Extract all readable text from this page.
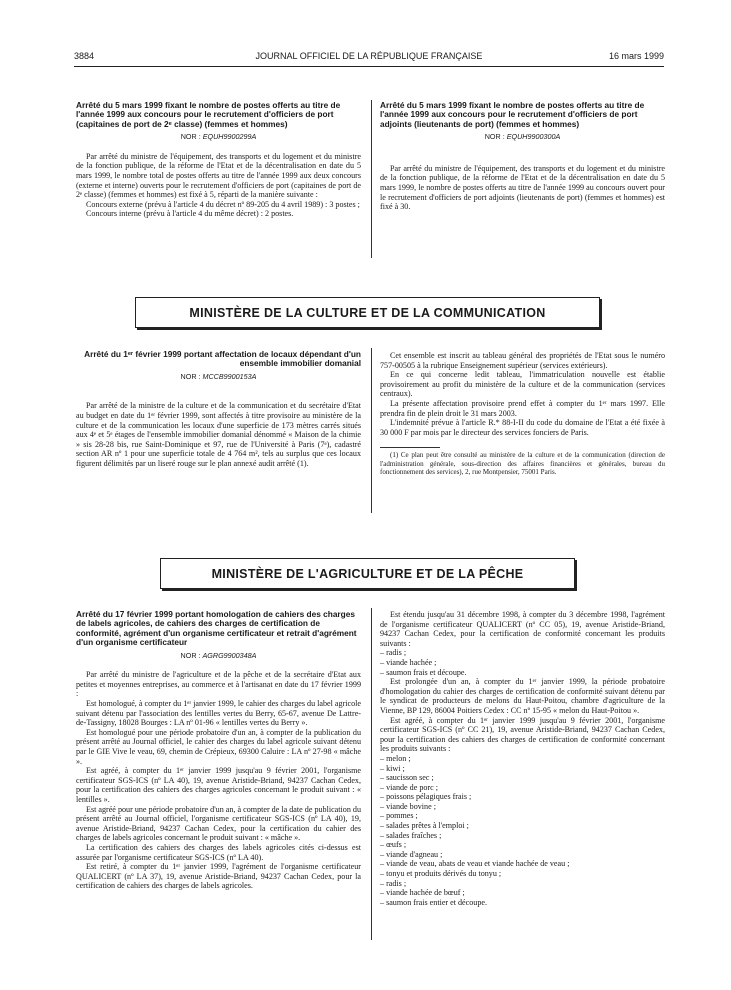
3884	JOURNAL OFFICIEL DE LA RÉPUBLIQUE FRANÇAISE	16 mars 1999
Arrêté du 5 mars 1999 fixant le nombre de postes offerts au titre de l'année 1999 aux concours pour le recrutement d'officiers de port (capitaines de port de 2ᵉ classe) (femmes et hommes)
NOR : EQUH9900299A

Par arrêté du ministre de l'équipement, des transports et du logement et du ministre de la fonction publique, de la réforme de l'Etat et de la décentralisation en date du 5 mars 1999, le nombre total de postes offerts au titre de l'année 1999 aux deux concours (externe et interne) ouverts pour le recrutement d'officiers de port (capitaines de port de 2ᵉ classe) (femmes et hommes) est fixé à 5, réparti de la manière suivante :

Concours externe (prévu à l'article 4 du décret nº 89-205 du 4 avril 1989) : 3 postes ;

Concours interne (prévu à l'article 4 du même décret) : 2 postes.

Arrêté du 5 mars 1999 fixant le nombre de postes offerts au titre de l'année 1999 aux concours pour le recrutement d'officiers de port adjoints (lieutenants de port) (femmes et hommes)
NOR : EQUH9900300A

Par arrêté du ministre de l'équipement, des transports et du logement et du ministre de la fonction publique, de la réforme de l'Etat et de la décentralisation en date du 5 mars 1999, le nombre de postes offerts au titre de l'année 1999 au concours ouvert pour le recrutement d'officiers de port adjoints (lieutenants de port) (femmes et hommes) est fixé à 30.

MINISTÈRE DE LA CULTURE ET DE LA COMMUNICATION
Arrêté du 1ᵉʳ février 1999 portant affectation de locaux dépendant d'un ensemble immobilier domanial
NOR : MCCB9900153A

Par arrêté de la ministre de la culture et de la communication et du secrétaire d'Etat au budget en date du 1ᵉʳ février 1999, sont affectés à titre provisoire au ministère de la culture et de la communication les locaux d'une superficie de 173 mètres carrés situés aux 4ᵉ et 5ᵉ étages de l'ensemble immobilier domanial dénommé « Maison de la chimie » sis 28-28 bis, rue Saint-Dominique et 97, rue de l'Université à Paris (7ᵉ), cadastré section AR nº 1 pour une superficie totale de 4 764 m², tels au surplus que ces locaux figurent délimités par un liseré rouge sur le plan annexé audit arrêté (1).

Cet ensemble est inscrit au tableau général des propriétés de l'Etat sous le numéro 757-00505 à la rubrique Enseignement supérieur (services extérieurs).

En ce qui concerne ledit tableau, l'immatriculation nouvelle est établie provisoirement au profit du ministère de la culture et de la communication (services centraux).

La présente affectation provisoire prend effet à compter du 1ᵉʳ mars 1997. Elle prendra fin de plein droit le 31 mars 2003.

L'indemnité prévue à l'article R.* 88-I-II du code du domaine de l'Etat a été fixée à 30 000 F par mois par le directeur des services fonciers de Paris.

(1) Ce plan peut être consulté au ministère de la culture et de la communication (direction de l'administration générale, sous-direction des affaires financières et générales, bureau du fonctionnement des services), 2, rue Montpensier, 75001 Paris.

MINISTÈRE DE L'AGRICULTURE ET DE LA PÊCHE
Arrêté du 17 février 1999 portant homologation de cahiers des charges de labels agricoles, de cahiers des charges de certification de conformité, agrément d'un organisme certificateur et retrait d'agrément d'un organisme certificateur
NOR : AGRG9900348A

Par arrêté du ministre de l'agriculture et de la pêche et de la secrétaire d'Etat aux petites et moyennes entreprises, au commerce et à l'artisanat en date du 17 février 1999 :

Est homologué, à compter du 1ᵉʳ janvier 1999, le cahier des charges du label agricole suivant détenu par l'association des lentilles vertes du Berry, 65-67, avenue De Lattre-de-Tassigny, 18028 Bourges : LA nº 01-96 « lentilles vertes du Berry ».

Est homologué pour une période probatoire d'un an, à compter de la publication du présent arrêté au Journal officiel, le cahier des charges du label agricole suivant détenu par le GIE Vive le veau, 69, chemin de Crépieux, 69300 Caluire : LA nº 27-98 « mâche ».

Est agréé, à compter du 1ᵉʳ janvier 1999 jusqu'au 9 février 2001, l'organisme certificateur SGS-ICS (nº LA 40), 19, avenue Aristide-Briand, 94237 Cachan Cedex, pour la certification des cahiers des charges agricoles concernant le produit suivant : « lentilles ».

Est agréé pour une période probatoire d'un an, à compter de la date de publication du présent arrêté au Journal officiel, l'organisme certificateur SGS-ICS (nº LA 40), 19, avenue Aristide-Briand, 94237 Cachan Cedex, pour la certification du cahier des charges de labels agricoles concernant le produit suivant : « mâche ».

La certification des cahiers des charges des labels agricoles cités ci-dessus est assurée par l'organisme certificateur SGS-ICS (nº LA 40).

Est retiré, à compter du 1ᵉʳ janvier 1999, l'agrément de l'organisme certificateur QUALICERT (nº LA 37), 19, avenue Aristide-Briand, 94237 Cachan Cedex, pour la certification de cahiers des charges de labels agricoles.

Est étendu jusqu'au 31 décembre 1998, à compter du 3 décembre 1998, l'agrément de l'organisme certificateur QUALICERT (nº CC 05), 19, avenue Aristide-Briand, 94237 Cachan Cedex, pour la certification de conformité concernant les produits suivants :

– radis ;

– viande hachée ;

– saumon frais et découpe.

Est prolongée d'un an, à compter du 1ᵉʳ janvier 1999, la période probatoire d'homologation du cahier des charges de certification de conformité suivant détenu par le syndicat de producteurs de melons du Haut-Poitou, chambre d'agriculture de la Vienne, BP 129, 86004 Poitiers Cedex : CC nº 15-95 « melon du Haut-Poitou ».

Est agréé, à compter du 1ᵉʳ janvier 1999 jusqu'au 9 février 2001, l'organisme certificateur SGS-ICS (nº CC 21), 19, avenue Aristide-Briand, 94237 Cachan Cedex, pour la certification des cahiers des charges de certification de conformité concernant les produits suivants :

– melon ;

– kiwi ;

– saucisson sec ;

– viande de porc ;

– poissons pélagiques frais ;

– viande bovine ;

– pommes ;

– salades prêtes à l'emploi ;

– salades fraîches ;

– œufs ;

– viande d'agneau ;

– viande de veau, abats de veau et viande hachée de veau ;

– tonyu et produits dérivés du tonyu ;

– radis ;

– viande hachée de bœuf ;

– saumon frais entier et découpe.
